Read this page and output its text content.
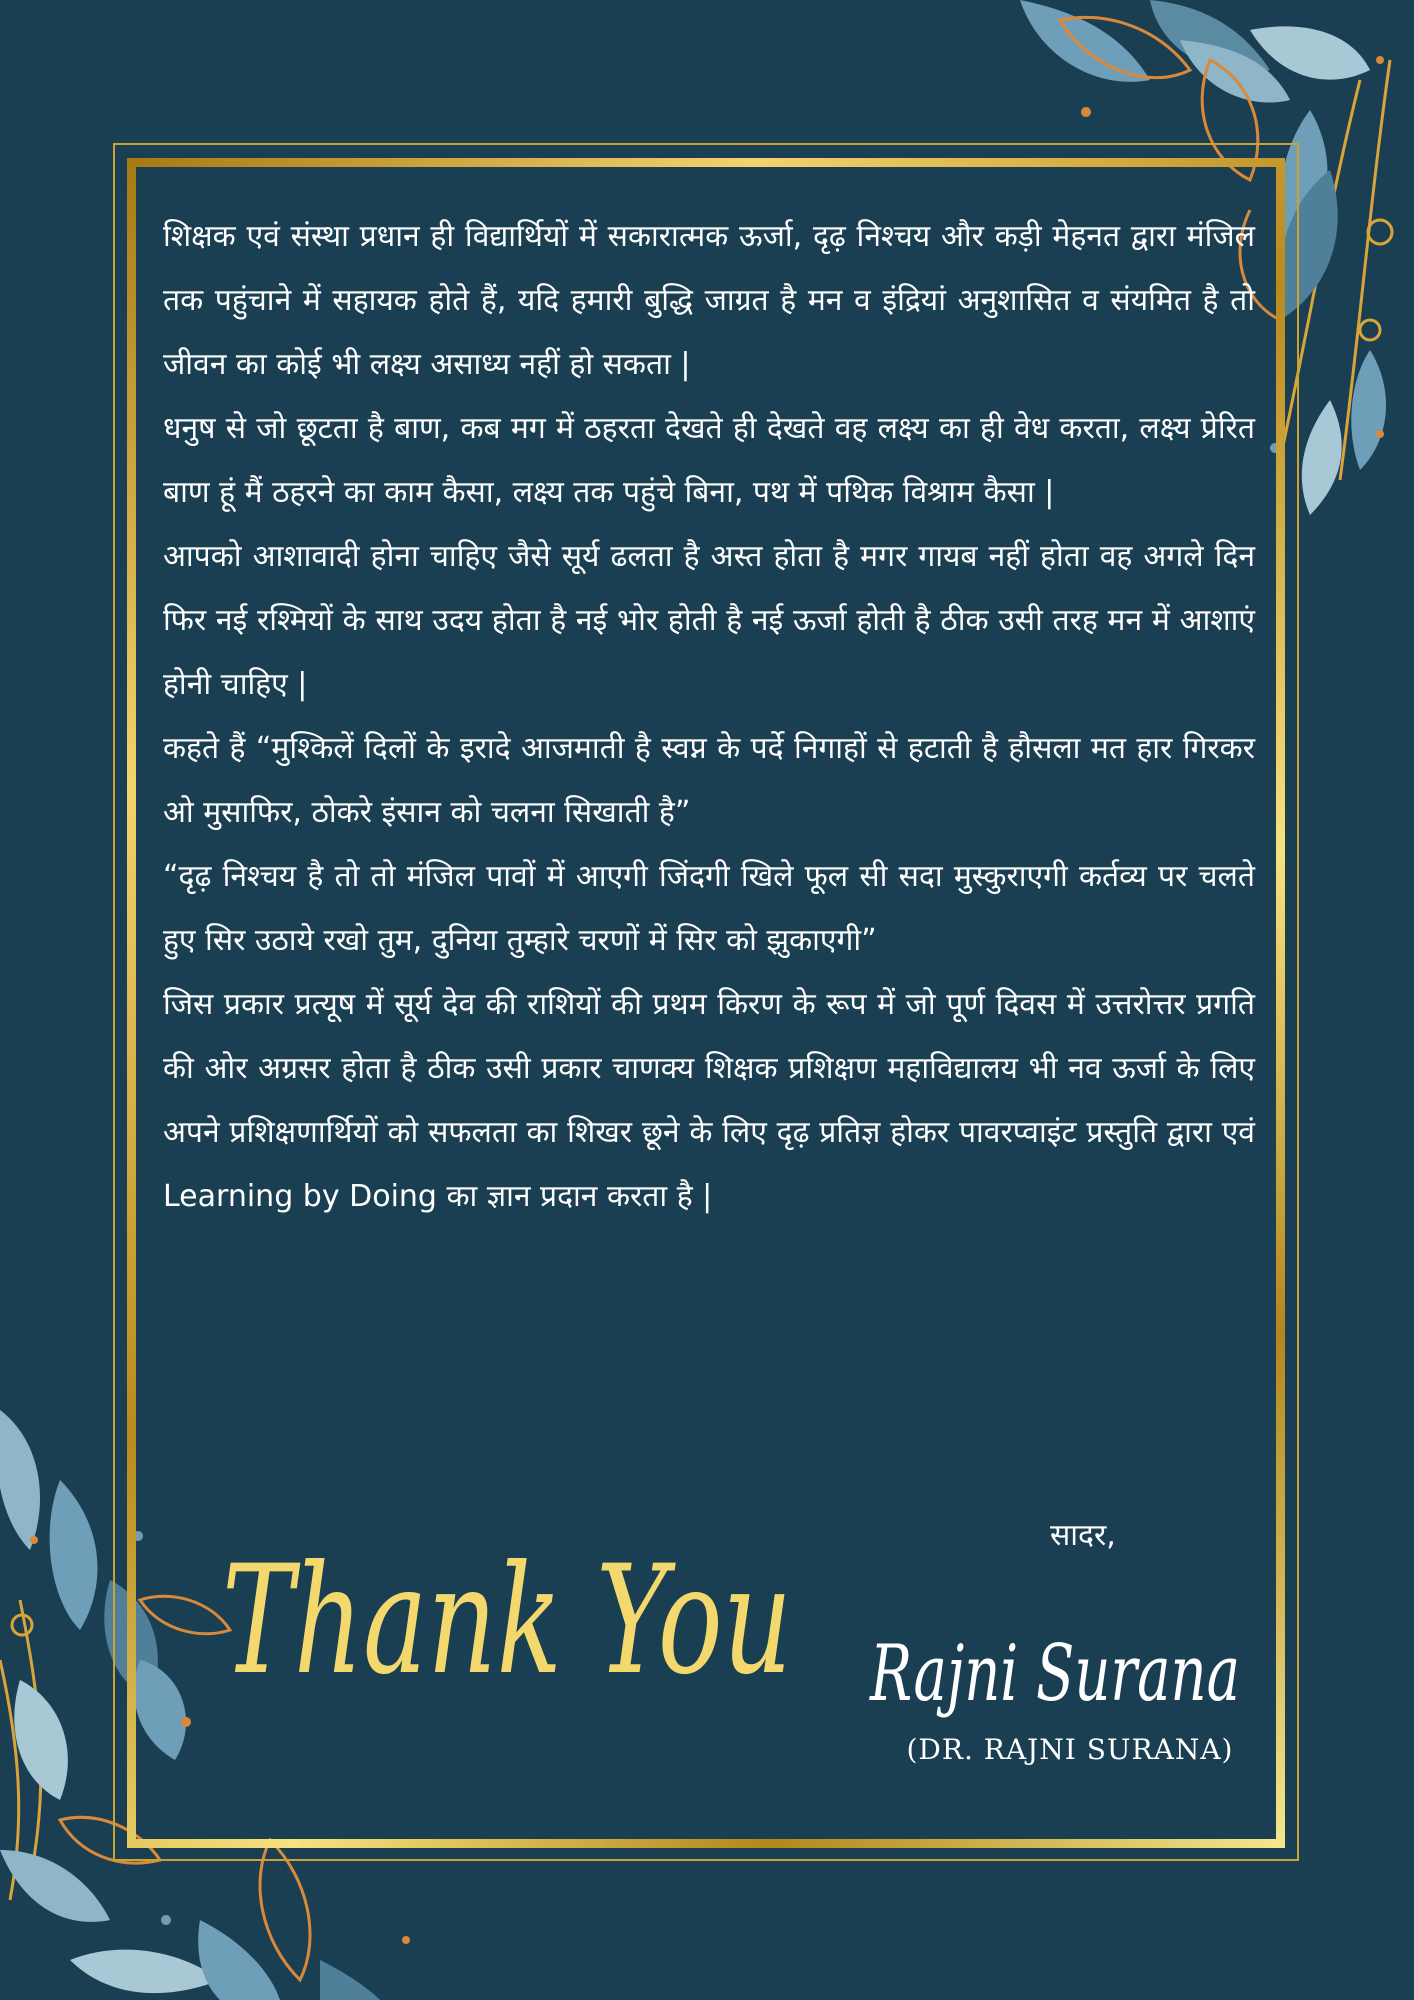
शिक्षक एवं संस्था प्रधान ही विद्यार्थियों में सकारात्मक ऊर्जा, दृढ़ निश्चय और कड़ी मेहनत द्वारा मंजिल तक पहुंचाने में सहायक होते हैं, यदि हमारी बुद्धि जाग्रत है मन व इंद्रियां अनुशासित व संयमित है तो जीवन का कोई भी लक्ष्य असाध्य नहीं हो सकता |

धनुष से जो छूटता है बाण, कब मग में ठहरता देखते ही देखते वह लक्ष्य का ही वेध करता, लक्ष्य प्रेरित बाण हूं मैं ठहरने का काम कैसा, लक्ष्य तक पहुंचे बिना, पथ में पथिक विश्राम कैसा |

आपको आशावादी होना चाहिए जैसे सूर्य ढलता है अस्त होता है मगर गायब नहीं होता वह अगले दिन फिर नई रश्मियों के साथ उदय होता है नई भोर होती है नई ऊर्जा होती है ठीक उसी तरह मन में आशाएं होनी चाहिए |

कहते हैं “मुश्किलें दिलों के इरादे आजमाती है स्वप्न के पर्दे निगाहों से हटाती है हौसला मत हार गिरकर ओ मुसाफिर, ठोकरे इंसान को चलना सिखाती है”

“दृढ़ निश्चय है तो तो मंजिल पावों में आएगी जिंदगी खिले फूल सी सदा मुस्कुराएगी कर्तव्य पर चलते हुए सिर उठाये रखो तुम, दुनिया तुम्हारे चरणों में सिर को झुकाएगी”

जिस प्रकार प्रत्यूष में सूर्य देव की राशियों की प्रथम किरण के रूप में जो पूर्ण दिवस में उत्तरोत्तर प्रगति की ओर अग्रसर होता है ठीक उसी प्रकार चाणक्य शिक्षक प्रशिक्षण महाविद्यालय भी नव ऊर्जा के लिए अपने प्रशिक्षणार्थियों को सफलता का शिखर छूने के लिए दृढ़ प्रतिज्ञ होकर पावरप्वाइंट प्रस्तुति द्वारा एवं Learning by Doing का ज्ञान प्रदान करता है |

Thank You	सादर,
Rajni Surana
(DR. RAJNI SURANA)
